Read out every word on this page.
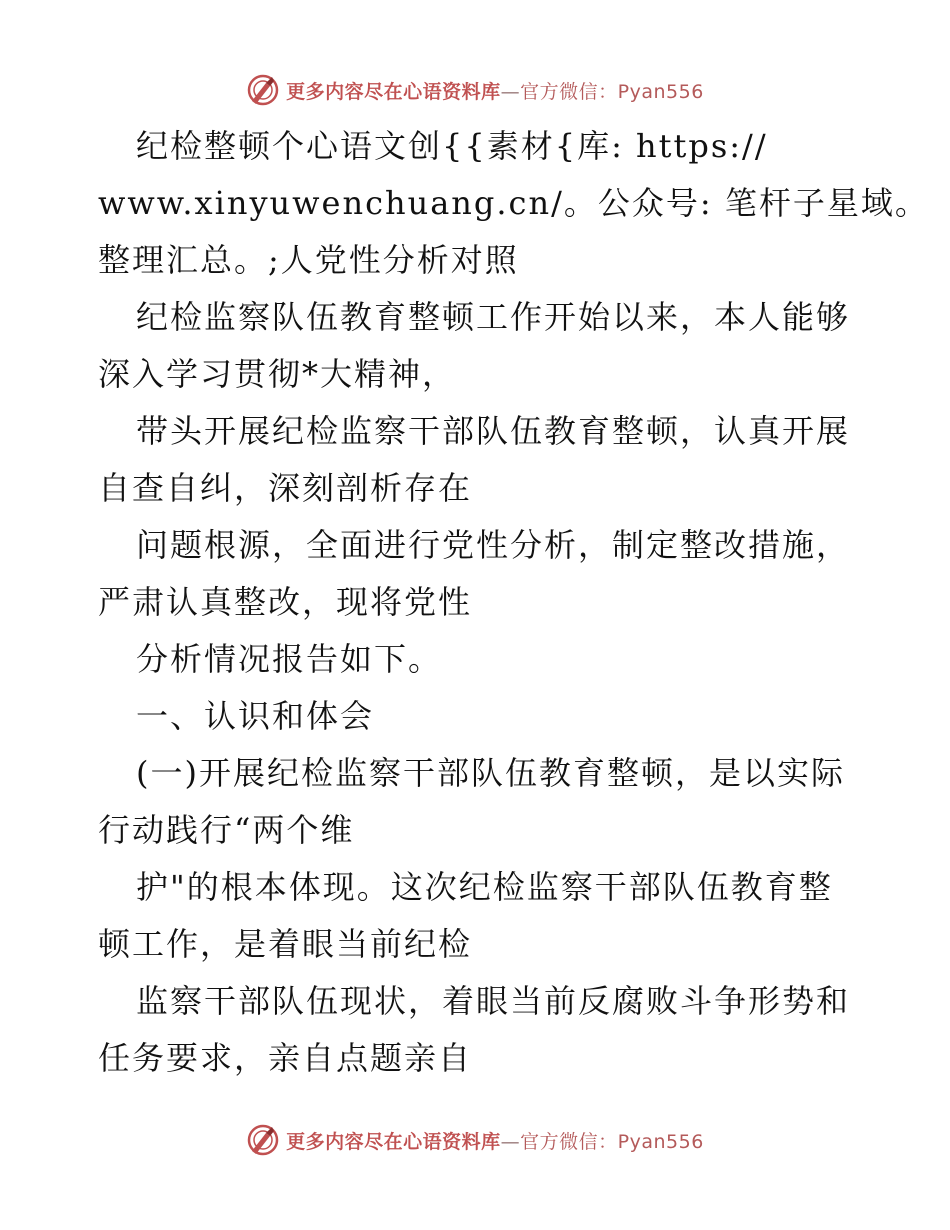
更多内容尽在心语资料库—官方微信：Pyan556
纪检整顿个心语文创{{素材{库: https://
www.xinyuwenchuang.cn/。公众号: 笔杆子星域。
整理汇总。;人党性分析对照
纪检监察队伍教育整顿工作开始以来，本人能够
深入学习贯彻*大精神，
带头开展纪检监察干部队伍教育整顿，认真开展
自查自纠，深刻剖析存在
问题根源，全面进行党性分析，制定整改措施，
严肃认真整改，现将党性
分析情况报告如下。
一、认识和体会
(一)开展纪检监察干部队伍教育整顿，是以实际
行动践行“两个维
护"的根本体现。这次纪检监察干部队伍教育整
顿工作，是着眼当前纪检
监察干部队伍现状，着眼当前反腐败斗争形势和
任务要求，亲自点题亲自
更多内容尽在心语资料库—官方微信：Pyan556
